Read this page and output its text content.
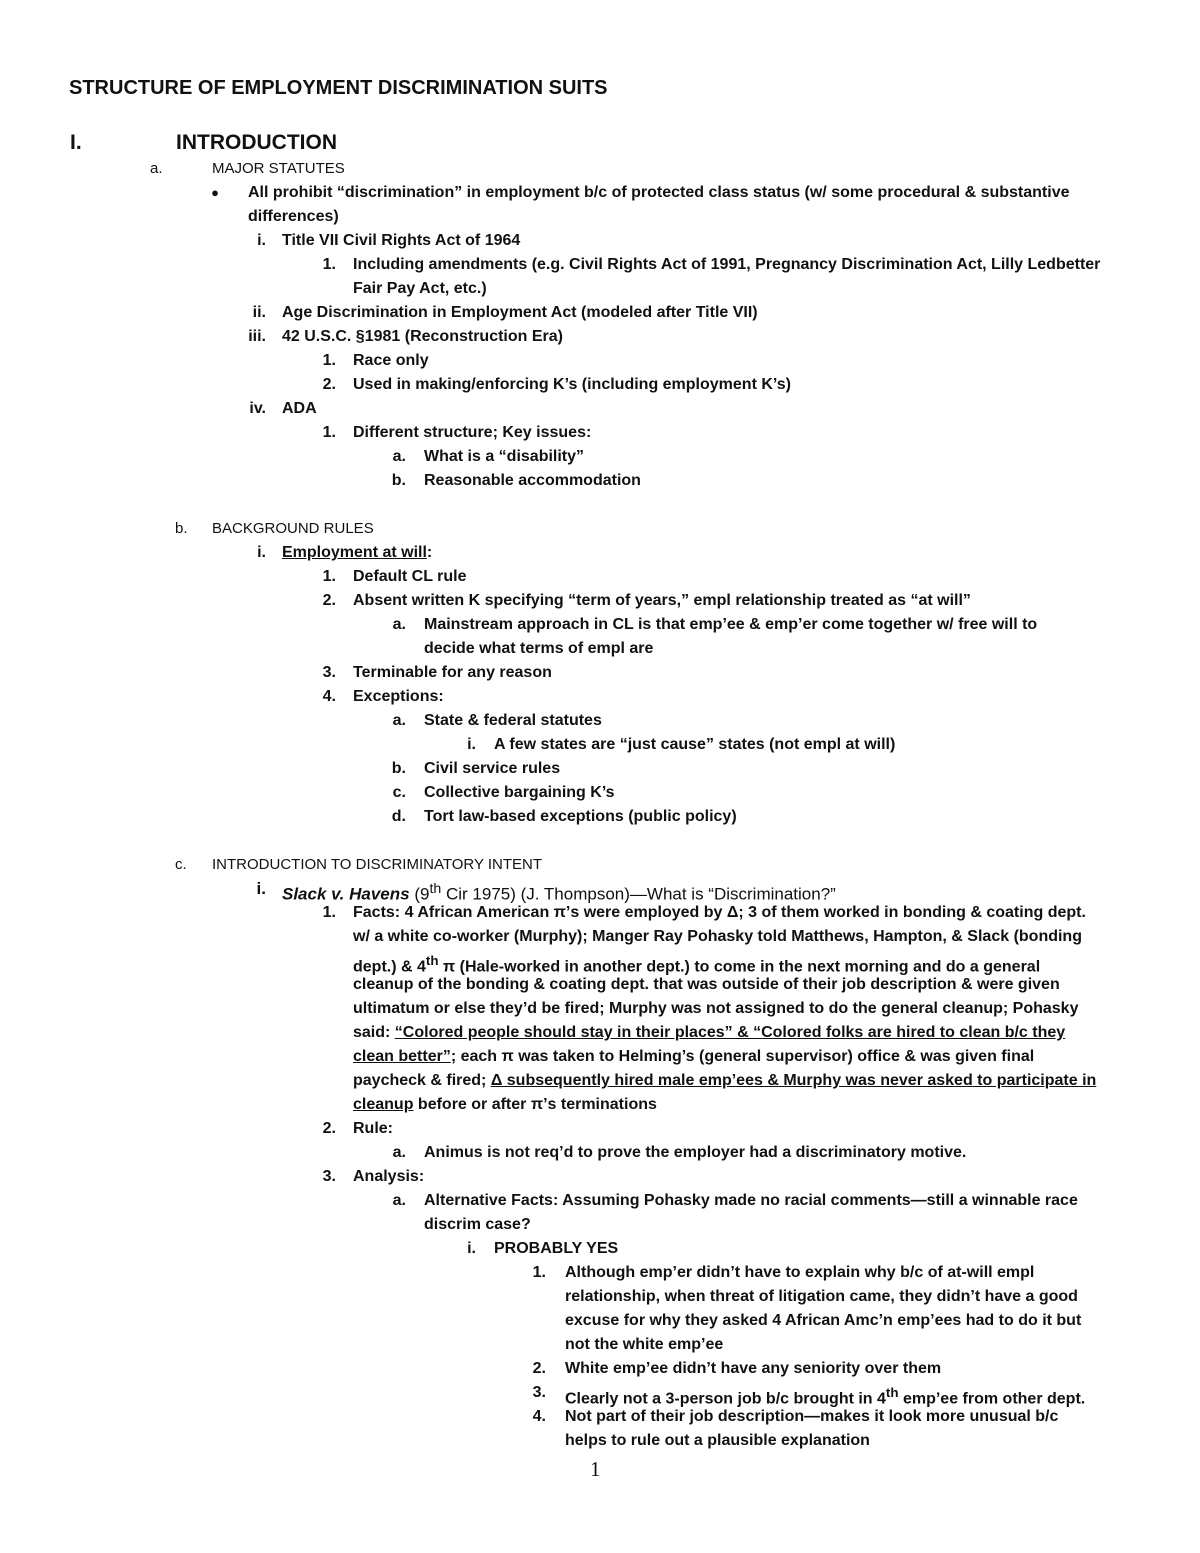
STRUCTURE OF EMPLOYMENT DISCRIMINATION SUITS
I.	INTRODUCTION
a.	MAJOR STATUTES
●	All prohibit “discrimination” in employment b/c of protected class status (w/ some procedural & substantive
differences)
i. Title VII Civil Rights Act of 1964
1. Including amendments (e.g. Civil Rights Act of 1991, Pregnancy Discrimination Act, Lilly Ledbetter
Fair Pay Act, etc.)
ii. Age Discrimination in Employment Act (modeled after Title VII)
iii. 42 U.S.C. §1981 (Reconstruction Era)
1. Race only
2. Used in making/enforcing K’s (including employment K’s)
iv. ADA
1. Different structure; Key issues:
a. What is a “disability”
b. Reasonable accommodation
b.	BACKGROUND RULES
i. Employment at will:
1. Default CL rule
2. Absent written K specifying “term of years,” empl relationship treated as “at will”
a. Mainstream approach in CL is that emp’ee & emp’er come together w/ free will to
decide what terms of empl are
3. Terminable for any reason
4. Exceptions:
a. State & federal statutes
i. A few states are “just cause” states (not empl at will)
b. Civil service rules
c. Collective bargaining K’s
d. Tort law-based exceptions (public policy)
c.	INTRODUCTION TO DISCRIMINATORY INTENT
i. Slack v. Havens (9th Cir 1975) (J. Thompson)—What is “Discrimination?”
1. Facts: 4 African American π’s were employed by Δ; 3 of them worked in bonding & coating dept.
w/ a white co-worker (Murphy); Manger Ray Pohasky told Matthews, Hampton, & Slack (bonding
dept.) & 4th π (Hale-worked in another dept.) to come in the next morning and do a general
cleanup of the bonding & coating dept. that was outside of their job description & were given
ultimatum or else they’d be fired; Murphy was not assigned to do the general cleanup; Pohasky
said: “Colored people should stay in their places” & “Colored folks are hired to clean b/c they
clean better”; each π was taken to Helming’s (general supervisor) office & was given final
paycheck & fired; Δ subsequently hired male emp’ees & Murphy was never asked to participate in
cleanup before or after π’s terminations
2. Rule:
a. Animus is not req’d to prove the employer had a discriminatory motive.
3. Analysis:
a. Alternative Facts: Assuming Pohasky made no racial comments—still a winnable race
discrim case?
i. PROBABLY YES
1. Although emp’er didn’t have to explain why b/c of at-will empl
relationship, when threat of litigation came, they didn’t have a good
excuse for why they asked 4 African Amc’n emp’ees had to do it but
not the white emp’ee
2. White emp’ee didn’t have any seniority over them
3. Clearly not a 3-person job b/c brought in 4th emp’ee from other dept.
4. Not part of their job description—makes it look more unusual b/c
helps to rule out a plausible explanation
1
